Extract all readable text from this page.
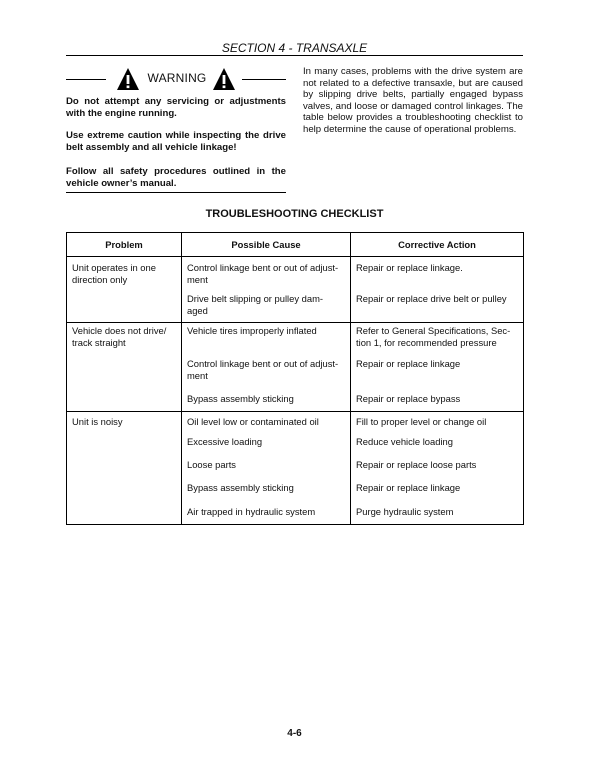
SECTION 4 - TRANSAXLE
WARNING

Do not attempt any servicing or adjustments with the engine running.

Use extreme caution while inspecting the drive belt assembly and all vehicle linkage!

Follow all safety procedures outlined in the vehicle owner’s manual.

In many cases, problems with the drive system are not related to a defective transaxle, but are caused by slipping drive belts, partially engaged bypass valves, and loose or damaged control linkages. The table below provides a troubleshooting checklist to help determine the cause of operational problems.

TROUBLESHOOTING CHECKLIST
Problem	Possible Cause	Corrective Action
Unit operates in one direction only	Control linkage bent or out of adjust- ment	Repair or replace linkage.
	Drive belt slipping or pulley dam- aged	Repair or replace drive belt or pulley
Vehicle does not drive/ track straight	Vehicle tires improperly inflated	Refer to General Specifications, Sec- tion 1, for recommended pressure
	Control linkage bent or out of adjust- ment	Repair or replace linkage
	Bypass assembly sticking	Repair or replace bypass
Unit is noisy	Oil level low or contaminated oil	Fill to proper level or change oil
	Excessive loading	Reduce vehicle loading
	Loose parts	Repair or replace loose parts
	Bypass assembly sticking	Repair or replace linkage
	Air trapped in hydraulic system	Purge hydraulic system
4-6
